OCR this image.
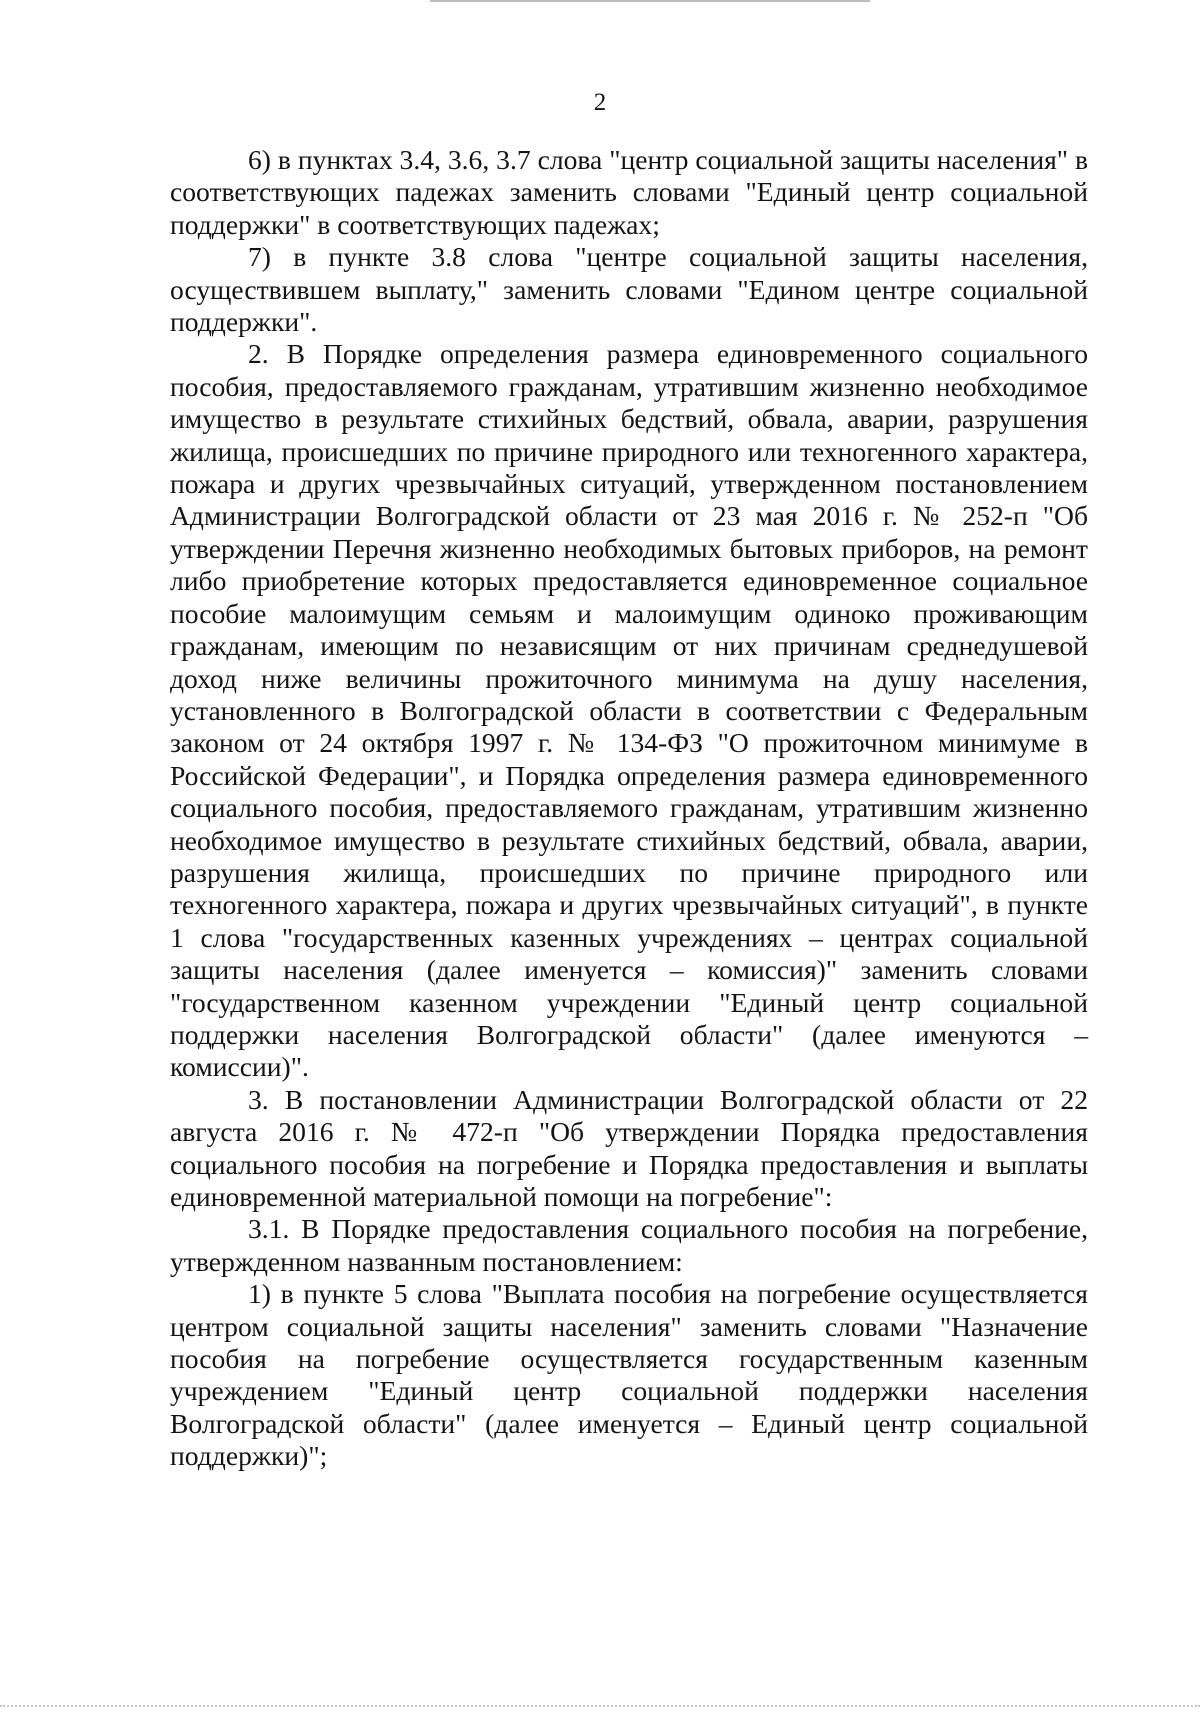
2

6) в пунктах 3.4, 3.6, 3.7 слова "центр социальной защиты населения" в соответствующих падежах заменить словами "Единый центр социальной поддержки" в соответствующих падежах;

7) в пункте 3.8 слова "центре социальной защиты населения, осуществившем выплату," заменить словами "Едином центре социальной поддержки".

2. В Порядке определения размера единовременного социального пособия, предоставляемого гражданам, утратившим жизненно необходимое имущество в результате стихийных бедствий, обвала, аварии, разрушения жилища, происшедших по причине природного или техногенного характера, пожара и других чрезвычайных ситуаций, утвержденном постановлением Администрации Волгоградской области от 23 мая 2016 г. № 252-п "Об утверждении Перечня жизненно необходимых бытовых приборов, на ремонт либо приобретение которых предоставляется единовременное социальное пособие малоимущим семьям и малоимущим одиноко проживающим гражданам, имеющим по независящим от них причинам среднедушевой доход ниже величины прожиточного минимума на душу населения, установленного в Волгоградской области в соответствии с Федеральным законом от 24 октября 1997 г. № 134-ФЗ "О прожиточном минимуме в Российской Федерации", и Порядка определения размера единовременного социального пособия, предоставляемого гражданам, утратившим жизненно необходимое имущество в результате стихийных бедствий, обвала, аварии, разрушения жилища, происшедших по причине природного или техногенного характера, пожара и других чрезвычайных ситуаций", в пункте 1 слова "государственных казенных учреждениях – центрах социальной защиты населения (далее именуется – комиссия)" заменить словами "государственном казенном учреждении "Единый центр социальной поддержки населения Волгоградской области" (далее именуются – комиссии)".

3. В постановлении Администрации Волгоградской области от 22 августа 2016 г. № 472-п "Об утверждении Порядка предоставления социального пособия на погребение и Порядка предоставления и выплаты единовременной материальной помощи на погребение":

3.1. В Порядке предоставления социального пособия на погребение, утвержденном названным постановлением:

1) в пункте 5 слова "Выплата пособия на погребение осуществляется центром социальной защиты населения" заменить словами "Назначение пособия на погребение осуществляется государственным казенным учреждением "Единый центр социальной поддержки населения Волгоградской области" (далее именуется – Единый центр социальной поддержки)";
